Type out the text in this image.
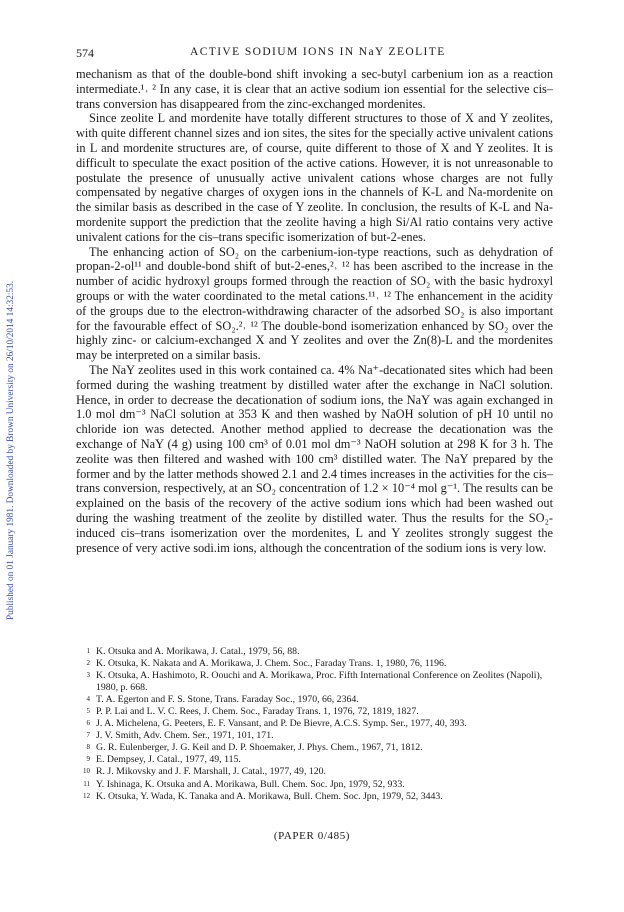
574	ACTIVE SODIUM IONS IN NaY ZEOLITE
Published on 01 January 1981. Downloaded by Brown University on 26/10/2014 14:32:53.

mechanism as that of the double-bond shift invoking a sec-butyl carbenium ion as a reaction intermediate.¹˒ ² In any case, it is clear that an active sodium ion essential for the selective cis–trans conversion has disappeared from the zinc-exchanged mordenites.

Since zeolite L and mordenite have totally different structures to those of X and Y zeolites, with quite different channel sizes and ion sites, the sites for the specially active univalent cations in L and mordenite structures are, of course, quite different to those of X and Y zeolites. It is difficult to speculate the exact position of the active cations. However, it is not unreasonable to postulate the presence of unusually active univalent cations whose charges are not fully compensated by negative charges of oxygen ions in the channels of K-L and Na-mordenite on the similar basis as described in the case of Y zeolite. In conclusion, the results of K-L and Na-mordenite support the prediction that the zeolite having a high Si/Al ratio contains very active univalent cations for the cis–trans specific isomerization of but-2-enes.

The enhancing action of SO₂ on the carbenium-ion-type reactions, such as dehydration of propan-2-ol¹¹ and double-bond shift of but-2-enes,²˒ ¹² has been ascribed to the increase in the number of acidic hydroxyl groups formed through the reaction of SO₂ with the basic hydroxyl groups or with the water coordinated to the metal cations.¹¹˒ ¹² The enhancement in the acidity of the groups due to the electron-withdrawing character of the adsorbed SO₂ is also important for the favourable effect of SO₂.²˒ ¹² The double-bond isomerization enhanced by SO₂ over the highly zinc- or calcium-exchanged X and Y zeolites and over the Zn(8)-L and the mordenites may be interpreted on a similar basis.

The NaY zeolites used in this work contained ca. 4% Na⁺-decationated sites which had been formed during the washing treatment by distilled water after the exchange in NaCl solution. Hence, in order to decrease the decationation of sodium ions, the NaY was again exchanged in 1.0 mol dm⁻³ NaCl solution at 353 K and then washed by NaOH solution of pH 10 until no chloride ion was detected. Another method applied to decrease the decationation was the exchange of NaY (4 g) using 100 cm³ of 0.01 mol dm⁻³ NaOH solution at 298 K for 3 h. The zeolite was then filtered and washed with 100 cm³ distilled water. The NaY prepared by the former and by the latter methods showed 2.1 and 2.4 times increases in the activities for the cis–trans conversion, respectively, at an SO₂ concentration of 1.2 × 10⁻⁴ mol g⁻¹. The results can be explained on the basis of the recovery of the active sodium ions which had been washed out during the washing treatment of the zeolite by distilled water. Thus the results for the SO₂-induced cis–trans isomerization over the mordenites, L and Y zeolites strongly suggest the presence of very active sodi.im ions, although the concentration of the sodium ions is very low.

1 K. Otsuka and A. Morikawa, J. Catal., 1979, 56, 88.
2 K. Otsuka, K. Nakata and A. Morikawa, J. Chem. Soc., Faraday Trans. 1, 1980, 76, 1196.
3 K. Otsuka, A. Hashimoto, R. Oouchi and A. Morikawa, Proc. Fifth International Conference on Zeolites (Napoli), 1980, p. 668.
4 T. A. Egerton and F. S. Stone, Trans. Faraday Soc., 1970, 66, 2364.
5 P. P. Lai and L. V. C. Rees, J. Chem. Soc., Faraday Trans. 1, 1976, 72, 1819, 1827.
6 J. A. Michelena, G. Peeters, E. F. Vansant, and P. De Bievre, A.C.S. Symp. Ser., 1977, 40, 393.
7 J. V. Smith, Adv. Chem. Ser., 1971, 101, 171.
8 G. R. Eulenberger, J. G. Keil and D. P. Shoemaker, J. Phys. Chem., 1967, 71, 1812.
9 E. Dempsey, J. Catal., 1977, 49, 115.
10 R. J. Mikovsky and J. F. Marshall, J. Catal., 1977, 49, 120.
11 Y. Ishinaga, K. Otsuka and A. Morikawa, Bull. Chem. Soc. Jpn, 1979, 52, 933.
12 K. Otsuka, Y. Wada, K. Tanaka and A. Morikawa, Bull. Chem. Soc. Jpn, 1979, 52, 3443.
(PAPER 0/485)
